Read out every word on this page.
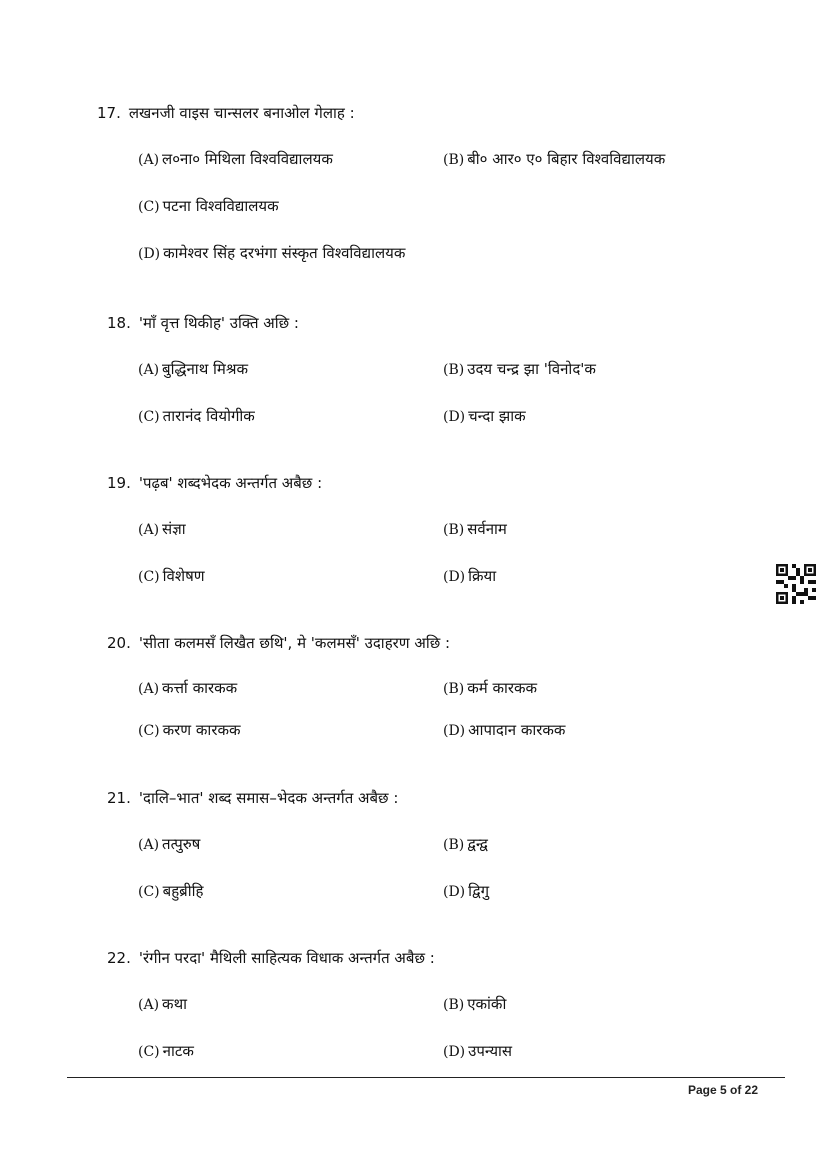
17. लखनजी वाइस चान्सलर बनाओल गेलाह :
(A) ल०ना० मिथिला विश्वविद्यालयक	(B) बी० आर० ए० बिहार विश्वविद्यालयक
(C) पटना विश्वविद्यालयक
(D) कामेश्वर सिंह दरभंगा संस्कृत विश्वविद्यालयक
18. 'माँ वृत्त थिकीह' उक्ति अछि :
(A) बुद्धिनाथ मिश्रक	(B) उदय चन्द्र झा 'विनोद'क
(C) तारानंद वियोगीक	(D) चन्दा झाक
19. 'पढ़ब' शब्दभेदक अन्तर्गत अबैछ :
(A) संज्ञा	(B) सर्वनाम
(C) विशेषण	(D) क्रिया
20. 'सीता कलमसँ लिखैत छथि', मे 'कलमसँ' उदाहरण अछि :
(A) कर्त्ता कारकक	(B) कर्म कारकक
(C) करण कारकक	(D) आपादान कारकक
21. 'दालि–भात' शब्द समास–भेदक अन्तर्गत अबैछ :
(A) तत्पुरुष	(B) द्वन्द्व
(C) बहुब्रीहि	(D) द्विगु
22. 'रंगीन परदा' मैथिली साहित्यक विधाक अन्तर्गत अबैछ :
(A) कथा	(B) एकांकी
(C) नाटक	(D) उपन्यास
Page 5 of 22
